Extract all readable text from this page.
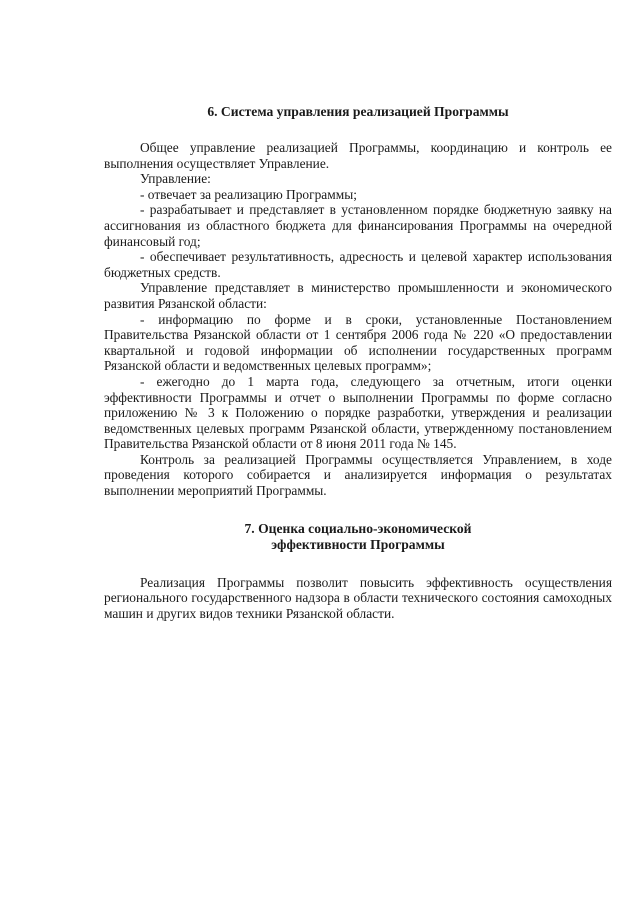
6. Система управления реализацией Программы

Общее управление реализацией Программы, координацию и контроль ее выполнения осуществляет Управление.

Управление:

- отвечает за реализацию Программы;

- разрабатывает и представляет в установленном порядке бюджетную заявку на ассигнования из областного бюджета для финансирования Программы на очередной финансовый год;

- обеспечивает результативность, адресность и целевой характер использования бюджетных средств.

Управление представляет в министерство промышленности и экономического развития Рязанской области:

- информацию по форме и в сроки, установленные Постановлением Правительства Рязанской области от 1 сентября 2006 года № 220 «О предоставлении квартальной и годовой информации об исполнении государственных программ Рязанской области и ведомственных целевых программ»;

- ежегодно до 1 марта года, следующего за отчетным, итоги оценки эффективности Программы и отчет о выполнении Программы по форме согласно приложению № 3 к Положению о порядке разработки, утверждения и реализации ведомственных целевых программ Рязанской области, утвержденному постановлением Правительства Рязанской области от 8 июня 2011 года № 145.

Контроль за реализацией Программы осуществляется Управлением, в ходе проведения которого собирается и анализируется информация о результатах выполнении мероприятий Программы.

7. Оценка социально-экономической
эффективности Программы

Реализация Программы позволит повысить эффективность осуществления регионального государственного надзора в области технического состояния самоходных машин и других видов техники Рязанской области.
